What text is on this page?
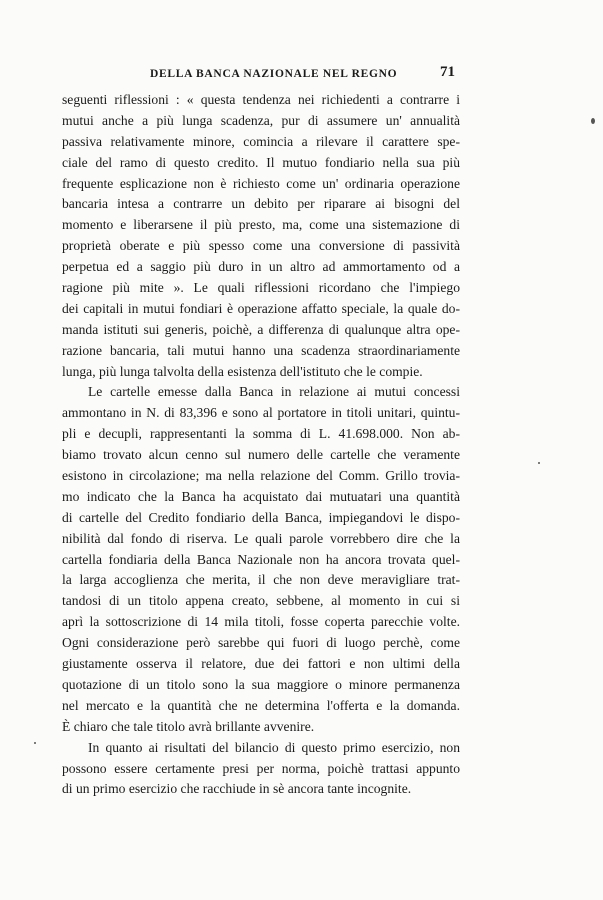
DELLA BANCA NAZIONALE NEL REGNO	71
seguenti riflessioni : « questa tendenza nei richiedenti a contrarre i
mutui anche a più lunga scadenza, pur di assumere un' annualità
passiva relativamente minore, comincia a rilevare il carattere spe-
ciale del ramo di questo credito. Il mutuo fondiario nella sua più
frequente esplicazione non è richiesto come un' ordinaria operazione
bancaria intesa a contrarre un debito per riparare ai bisogni del
momento e liberarsene il più presto, ma, come una sistemazione di
proprietà oberate e più spesso come una conversione di passività
perpetua ed a saggio più duro in un altro ad ammortamento od a
ragione più mite ». Le quali riflessioni ricordano che l'impiego
dei capitali in mutui fondiari è operazione affatto speciale, la quale do-
manda istituti sui generis, poichè, a differenza di qualunque altra ope-
razione bancaria, tali mutui hanno una scadenza straordinariamente
lunga, più lunga talvolta della esistenza dell'istituto che le compie.
Le cartelle emesse dalla Banca in relazione ai mutui concessi
ammontano in N. di 83,396 e sono al portatore in titoli unitari, quintu-
pli e decupli, rappresentanti la somma di L. 41.698.000. Non ab-
biamo trovato alcun cenno sul numero delle cartelle che veramente
esistono in circolazione; ma nella relazione del Comm. Grillo trovia-
mo indicato che la Banca ha acquistato dai mutuatari una quantità
di cartelle del Credito fondiario della Banca, impiegandovi le dispo-
nibilità dal fondo di riserva. Le quali parole vorrebbero dire che la
cartella fondiaria della Banca Nazionale non ha ancora trovata quel-
la larga accoglienza che merita, il che non deve meravigliare trat-
tandosi di un titolo appena creato, sebbene, al momento in cui si
aprì la sottoscrizione di 14 mila titoli, fosse coperta parecchie volte.
Ogni considerazione però sarebbe qui fuori di luogo perchè, come
giustamente osserva il relatore, due dei fattori e non ultimi della
quotazione di un titolo sono la sua maggiore o minore permanenza
nel mercato e la quantità che ne determina l'offerta e la domanda.
È chiaro che tale titolo avrà brillante avvenire.
In quanto ai risultati del bilancio di questo primo esercizio, non
possono essere certamente presi per norma, poichè trattasi appunto
di un primo esercizio che racchiude in sè ancora tante incognite.
